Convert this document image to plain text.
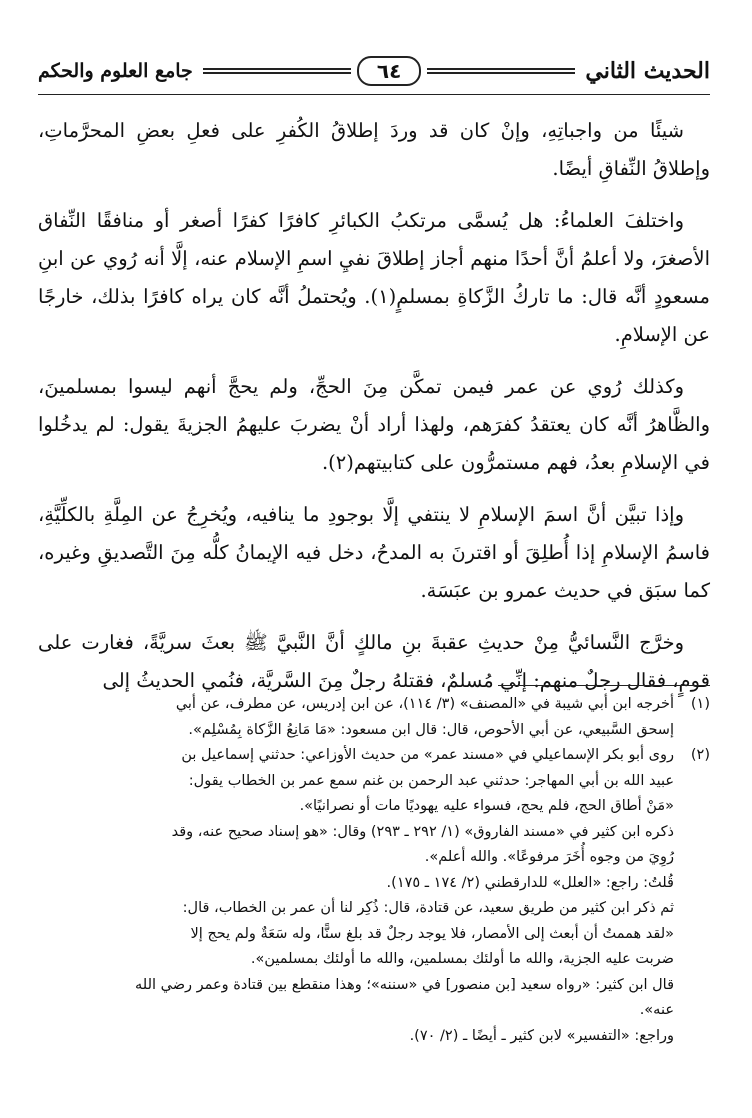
الحديث الثاني
٦٤
جامع العلوم والحكم

شيئًا من واجباتِهِ، وإنْ كان قد وردَ إطلاقُ الكُفرِ على فعلِ بعضِ المحرَّماتِ، وإطلاقُ النِّفاقِ أيضًا.

واختلفَ العلماءُ: هل يُسمَّى مرتكبُ الكبائرِ كافرًا كفرًا أصغر أو منافقًا النِّفاق الأصغرَ، ولا أعلمُ أنَّ أحدًا منهم أجاز إطلاقَ نفيِ اسمِ الإسلام عنه، إلَّا أنه رُوي عن ابنِ مسعودٍ أنَّه قال: ما تاركُ الزَّكاةِ بمسلمٍ(١). ويُحتملُ أنَّه كان يراه كافرًا بذلك، خارجًا عن الإسلامِ.

وكذلك رُوي عن عمر فيمن تمكَّن مِنَ الحجِّ، ولم يحجَّ أنهم ليسوا بمسلمينَ، والظَّاهرُ أنَّه كان يعتقدُ كفرَهم، ولهذا أراد أنْ يضربَ عليهمُ الجزيةَ يقول: لم يدخُلوا في الإسلامِ بعدُ، فهم مستمرُّون على كتابيتهم(٢).

وإذا تبيَّن أنَّ اسمَ الإسلامِ لا ينتفي إلَّا بوجودِ ما ينافيه، ويُخرِجُ عن المِلَّةِ بالكلِّيَّةِ، فاسمُ الإسلامِ إذا أُطلِقَ أو اقترنَ به المدحُ، دخل فيه الإيمانُ كلُّه مِنَ التَّصديقِ وغيره، كما سبَق في حديث عمرو بن عبَسَة.

وخرَّج النَّسائيُّ مِنْ حديثِ عقبةَ بنِ مالكٍ أنَّ النَّبيَّ ﷺ بعثَ سريَّةً، فغارت على قومٍ، فقال رجلٌ منهم: إنِّي مُسلمٌ، فقتلهُ رجلٌ مِنَ السَّريَّة، فنُمي الحديثُ إلى

(١)
أخرجه ابن أبي شيبة في «المصنف» (٣/ ١١٤)، عن ابن إدريس، عن مطرف، عن أبي
إسحق السَّبيعي، عن أبي الأحوص، قال: قال ابن مسعود: «مَا مَانِعُ الزَّكاة بِمُسْلِم».
(٢)
روى أبو بكر الإسماعيلي في «مسند عمر» من حديث الأوزاعي: حدثني إسماعيل بن
عبيد الله بن أبي المهاجر: حدثني عبد الرحمن بن غنم سمع عمر بن الخطاب يقول:
«مَنْ أطاق الحج، فلم يحج، فسواء عليه يهوديًا مات أو نصرانيًا».
ذكره ابن كثير في «مسند الفاروق» (١/ ٢٩٢ ـ ٢٩٣) وقال: «هو إسناد صحيح عنه، وقد
رُوِيَ من وجوه أُخَرَ مرفوعًا». والله أعلم».
قُلتُ: راجع: «العلل» للدارقطني (٢/ ١٧٤ ـ ١٧٥).
ثم ذكر ابن كثير من طريق سعيد، عن قتادة، قال: ذُكِر لنا أن عمر بن الخطاب، قال:
«لقد هممتُ أن أبعث إلى الأمصار، فلا يوجد رجلٌ قد بلغ سنًّا، وله سَعَةٌ ولم يحج إلا
ضربت عليه الجزية، والله ما أولئك بمسلمين، والله ما أولئك بمسلمين».
قال ابن كثير: «رواه سعيد [بن منصور] في «سننه»؛ وهذا منقطع بين قتادة وعمر رضي الله
عنه».
وراجع: «التفسير» لابن كثير ـ أيضًا ـ (٢/ ٧٠).
